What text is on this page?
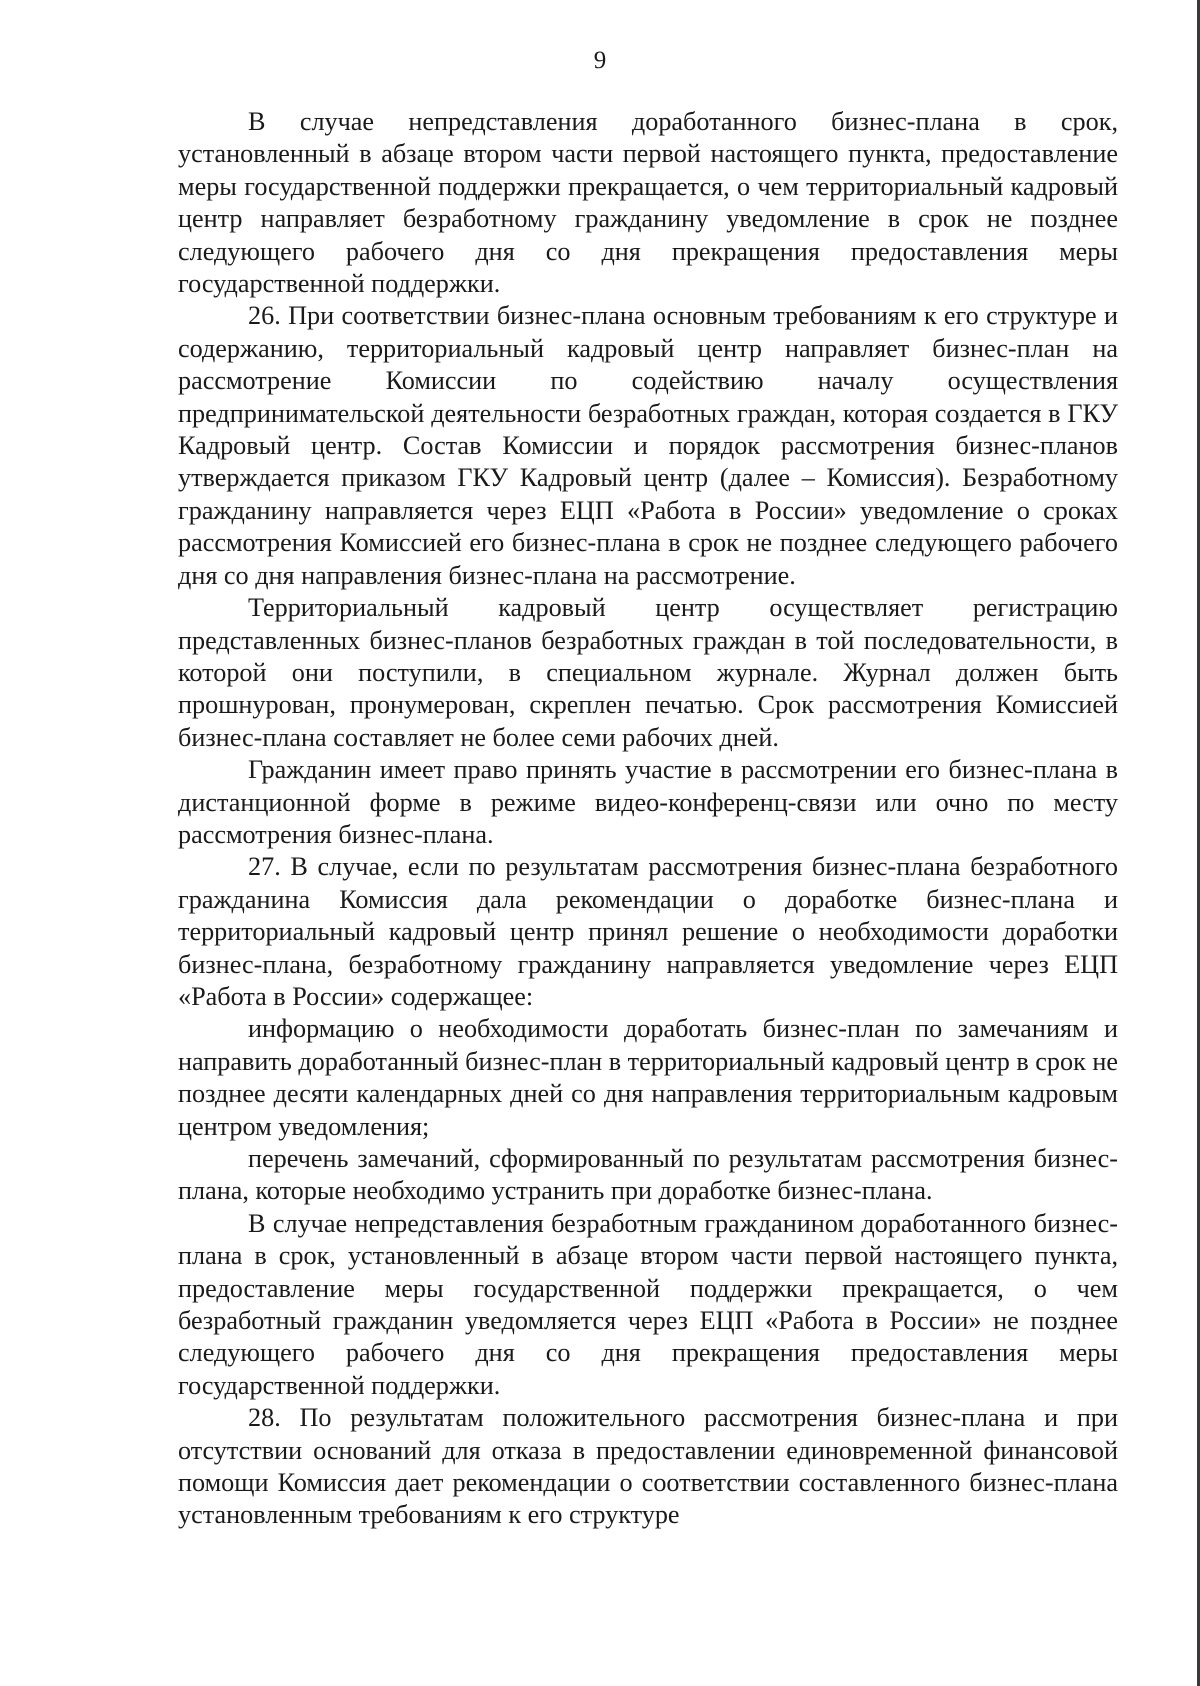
9

В случае непредставления доработанного бизнес-плана в срок, установленный в абзаце втором части первой настоящего пункта, предоставление меры государственной поддержки прекращается, о чем территориальный кадровый центр направляет безработному гражданину уведомление в срок не позднее следующего рабочего дня со дня прекращения предоставления меры государственной поддержки.

26. При соответствии бизнес-плана основным требованиям к его структуре и содержанию, территориальный кадровый центр направляет бизнес-план на рассмотрение Комиссии по содействию началу осуществления предпринимательской деятельности безработных граждан, которая создается в ГКУ Кадровый центр. Состав Комиссии и порядок рассмотрения бизнес-планов утверждается приказом ГКУ Кадровый центр (далее – Комиссия). Безработному гражданину направляется через ЕЦП «Работа в России» уведомление о сроках рассмотрения Комиссией его бизнес-плана в срок не позднее следующего рабочего дня со дня направления бизнес-плана на рассмотрение.

Территориальный кадровый центр осуществляет регистрацию представленных бизнес-планов безработных граждан в той последовательности, в которой они поступили, в специальном журнале. Журнал должен быть прошнурован, пронумерован, скреплен печатью. Срок рассмотрения Комиссией бизнес-плана составляет не более семи рабочих дней.

Гражданин имеет право принять участие в рассмотрении его бизнес-плана в дистанционной форме в режиме видео-конференц-связи или очно по месту рассмотрения бизнес-плана.

27. В случае, если по результатам рассмотрения бизнес-плана безработного гражданина Комиссия дала рекомендации о доработке бизнес-плана и территориальный кадровый центр принял решение о необходимости доработки бизнес-плана, безработному гражданину направляется уведомление через ЕЦП «Работа в России» содержащее:

информацию о необходимости доработать бизнес-план по замечаниям и направить доработанный бизнес-план в территориальный кадровый центр в срок не позднее десяти календарных дней со дня направления территориальным кадровым центром уведомления;

перечень замечаний, сформированный по результатам рассмотрения бизнес-плана, которые необходимо устранить при доработке бизнес-плана.

В случае непредставления безработным гражданином доработанного бизнес-плана в срок, установленный в абзаце втором части первой настоящего пункта, предоставление меры государственной поддержки прекращается, о чем безработный гражданин уведомляется через ЕЦП «Работа в России» не позднее следующего рабочего дня со дня прекращения предоставления меры государственной поддержки.

28. По результатам положительного рассмотрения бизнес-плана и при отсутствии оснований для отказа в предоставлении единовременной финансовой помощи Комиссия дает рекомендации о соответствии составленного бизнес-плана установленным требованиям к его структуре
